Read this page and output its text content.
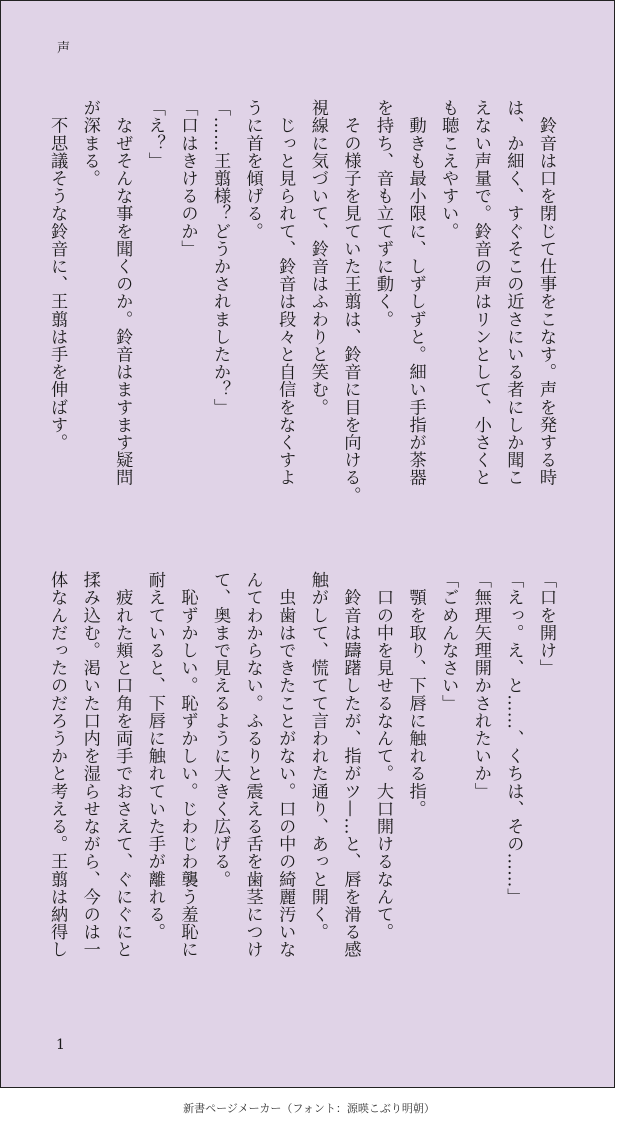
声
　鈴音は口を閉じて仕事をこなす。声を発する時
は、か細く、すぐそこの近さにいる者にしか聞こ
えない声量で。鈴音の声はリンとして、小さくと
も聴こえやすい。
　動きも最小限に、しずしずと。細い手指が茶器
を持ち、音も立てずに動く。
　その様子を見ていた王翦は、鈴音に目を向ける。
視線に気づいて、鈴音はふわりと笑む。
　じっと見られて、鈴音は段々と自信をなくすよ
うに首を傾げる。
「……王翦様？どうかされましたか？」
「口はきけるのか」
「え？」
　なぜそんな事を聞くのか。鈴音はますます疑問
が深まる。
　不思議そうな鈴音に、王翦は手を伸ばす。
「口を開け」
「えっ。え、と……、くちは、その……」
「無理矢理開かされたいか」
「ごめんなさい」
　顎を取り、下唇に触れる指。
　口の中を見せるなんて。大口開けるなんて。
　鈴音は躊躇したが、指がツ—…と、唇を滑る感
触がして、慌てて言われた通り、あっと開く。
　虫歯はできたことがない。口の中の綺麗汚いな
んてわからない。ふるりと震える舌を歯茎につけ
て、奥まで見えるように大きく広げる。
　恥ずかしい。恥ずかしい。じわじわ襲う羞恥に
耐えていると、下唇に触れていた手が離れる。
　疲れた頬と口角を両手でおさえて、ぐにぐにと
揉み込む。渇いた口内を湿らせながら、今のは一
体なんだったのだろうかと考える。王翦は納得し
1
新書ページメーカー（フォント：源暎こぶり明朝）
